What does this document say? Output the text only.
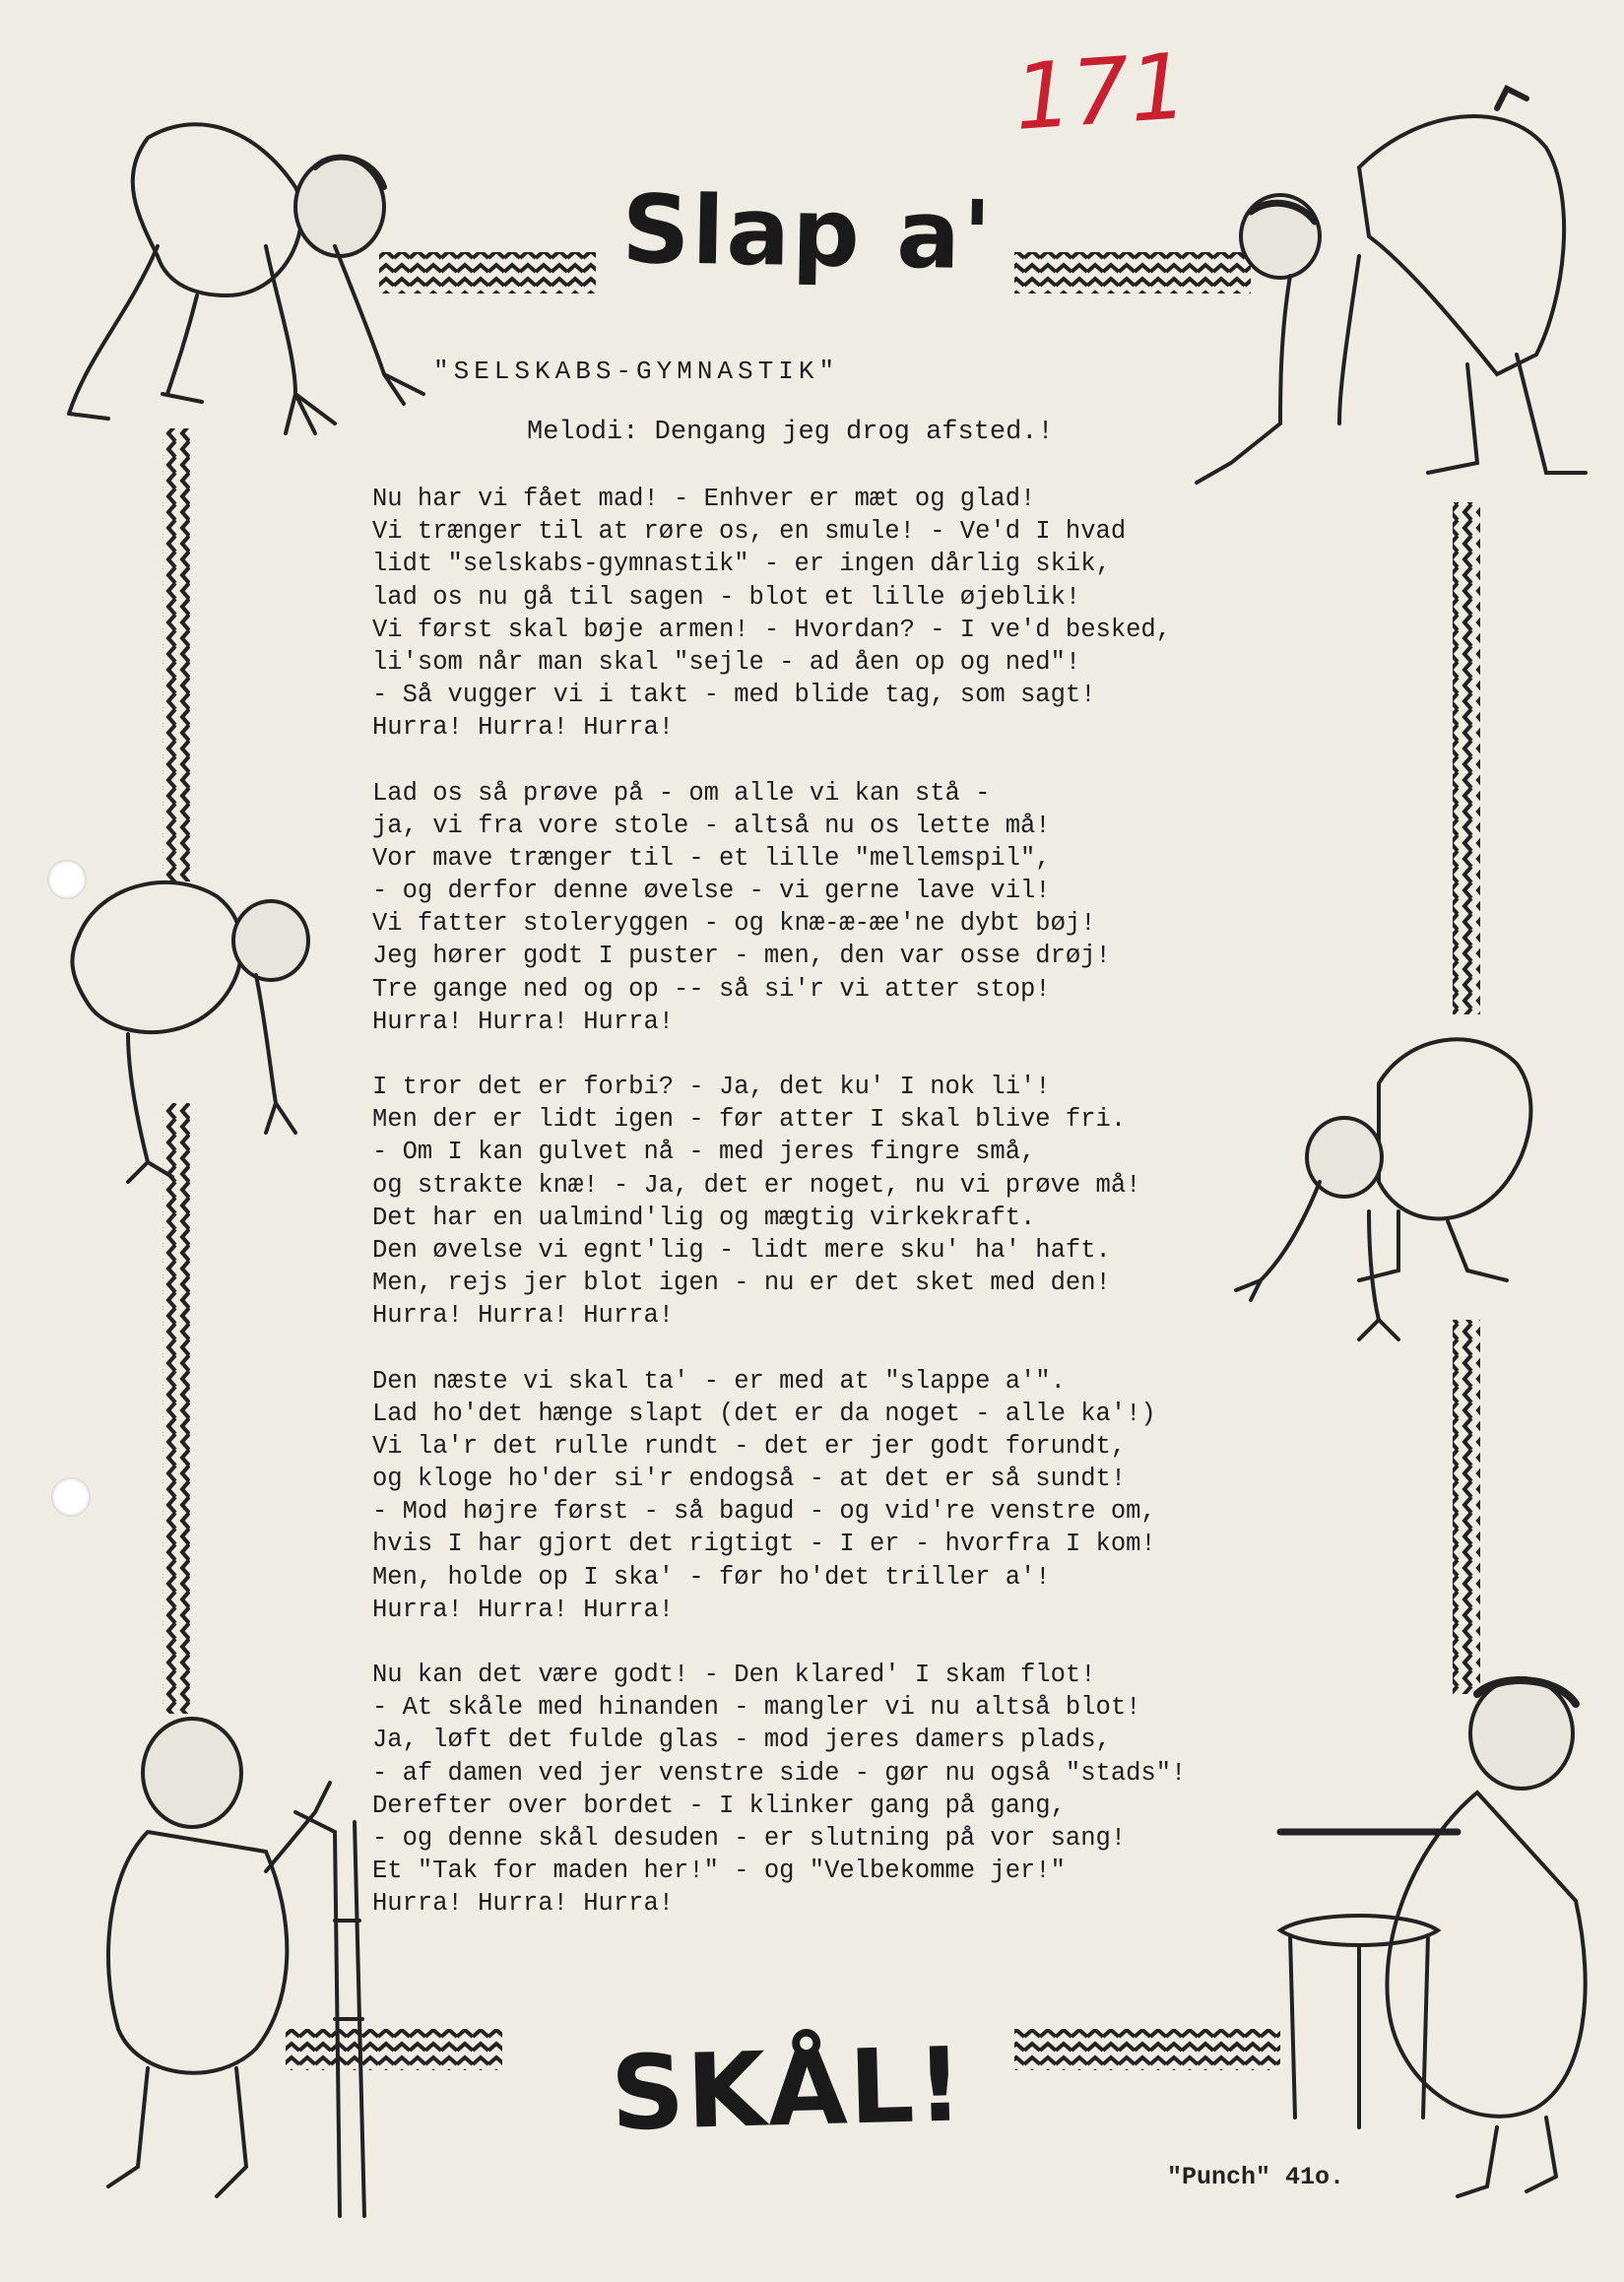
171
Slap a'
"SELSKABS-GYMNASTIK"
Melodi: Dengang jeg drog afsted.!
Nu har vi fået mad! - Enhver er mæt og glad!
Vi trænger til at røre os, en smule! - Ve'd I hvad
lidt "selskabs-gymnastik" - er ingen dårlig skik,
lad os nu gå til sagen - blot et lille øjeblik!
Vi først skal bøje armen! - Hvordan? - I ve'd besked,
li'som når man skal "sejle - ad åen op og ned"!
- Så vugger vi i takt - med blide tag, som sagt!
Hurra! Hurra! Hurra!
Lad os så prøve på - om alle vi kan stå -
ja, vi fra vore stole - altså nu os lette må!
Vor mave trænger til - et lille "mellemspil",
- og derfor denne øvelse - vi gerne lave vil!
Vi fatter stoleryggen - og knæ-æ-æe'ne dybt bøj!
Jeg hører godt I puster - men, den var osse drøj!
Tre gange ned og op -- så si'r vi atter stop!
Hurra! Hurra! Hurra!
I tror det er forbi? - Ja, det ku' I nok li'!
Men der er lidt igen - før atter I skal blive fri.
- Om I kan gulvet nå - med jeres fingre små,
og strakte knæ! - Ja, det er noget, nu vi prøve må!
Det har en ualmind'lig og mægtig virkekraft.
Den øvelse vi egnt'lig - lidt mere sku' ha' haft.
Men, rejs jer blot igen - nu er det sket med den!
Hurra! Hurra! Hurra!
Den næste vi skal ta' - er med at "slappe a'".
Lad ho'det hænge slapt (det er da noget - alle ka'!)
Vi la'r det rulle rundt - det er jer godt forundt,
og kloge ho'der si'r endogså - at det er så sundt!
- Mod højre først - så bagud - og vid're venstre om,
hvis I har gjort det rigtigt - I er - hvorfra I kom!
Men, holde op I ska' - før ho'det triller a'!
Hurra! Hurra! Hurra!
Nu kan det være godt! - Den klared' I skam flot!
- At skåle med hinanden - mangler vi nu altså blot!
Ja, løft det fulde glas - mod jeres damers plads,
- af damen ved jer venstre side - gør nu også "stads"!
Derefter over bordet - I klinker gang på gang,
- og denne skål desuden - er slutning på vor sang!
Et "Tak for maden her!" - og "Velbekomme jer!"
Hurra! Hurra! Hurra!
SKÅL!
"Punch" 41o.
